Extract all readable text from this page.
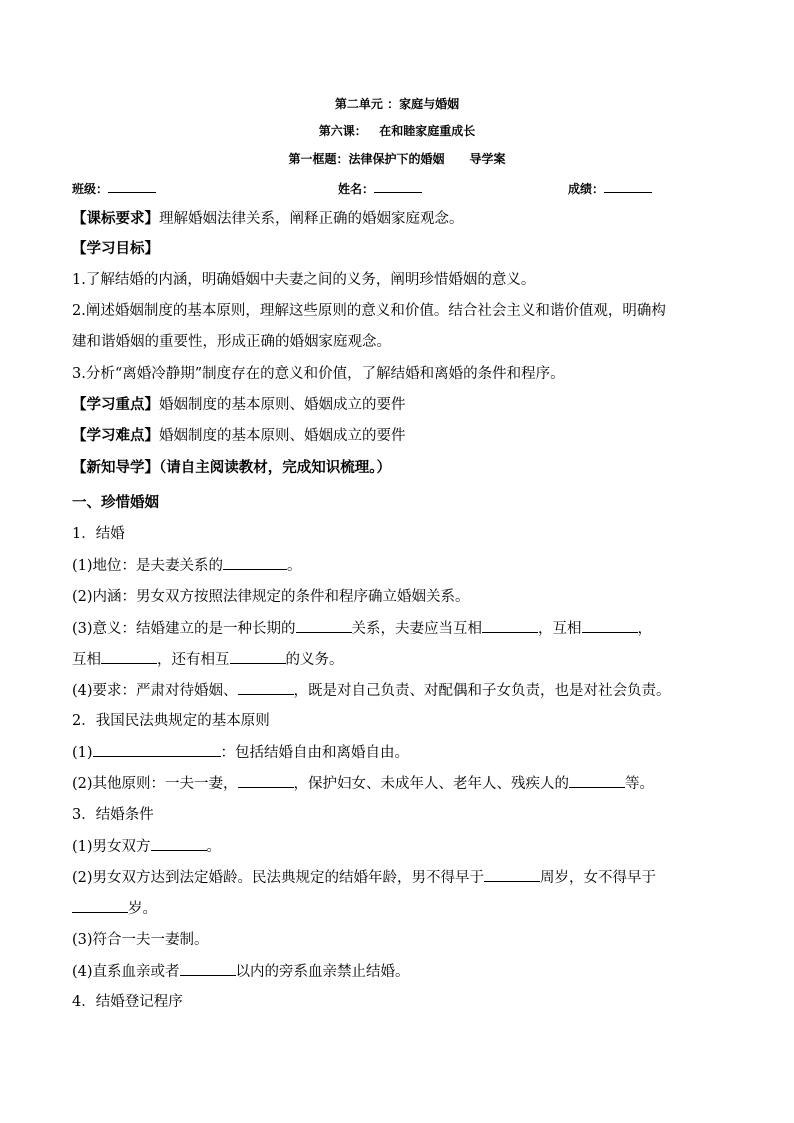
第二单元 ：家庭与婚姻
第六课：   在和睦家庭重成长
第一框题：法律保护下的婚姻      导学案
班级：	姓名：	成绩：
【课标要求】理解婚姻法律关系，阐释正确的婚姻家庭观念。
【学习目标】
1.了解结婚的内涵，明确婚姻中夫妻之间的义务，阐明珍惜婚姻的意义。
2.阐述婚姻制度的基本原则，理解这些原则的意义和价值。结合社会主义和谐价值观，明确构
建和谐婚姻的重要性，形成正确的婚姻家庭观念。
3.分析“离婚冷静期”制度存在的意义和价值，了解结婚和离婚的条件和程序。
【学习重点】婚姻制度的基本原则、婚姻成立的要件
【学习难点】婚姻制度的基本原则、婚姻成立的要件
【新知导学】（请自主阅读教材，完成知识梳理。）
一、珍惜婚姻
1．结婚
(1)地位：是夫妻关系的	。
(2)内涵：男女双方按照法律规定的条件和程序确立婚姻关系。
(3)意义：结婚建立的是一种长期的	关系，夫妻应当互相	，互相	，
互相	，还有相互	的义务。
(4)要求：严肃对待婚姻、	，既是对自己负责、对配偶和子女负责，也是对社会负责。
2．我国民法典规定的基本原则
(1)	：包括结婚自由和离婚自由。
(2)其他原则：一夫一妻，	，保护妇女、未成年人、老年人、残疾人的	等。
3．结婚条件
(1)男女双方	。
(2)男女双方达到法定婚龄。民法典规定的结婚年龄，男不得早于	周岁，女不得早于
岁。
(3)符合一夫一妻制。
(4)直系血亲或者	以内的旁系血亲禁止结婚。
4．结婚登记程序
